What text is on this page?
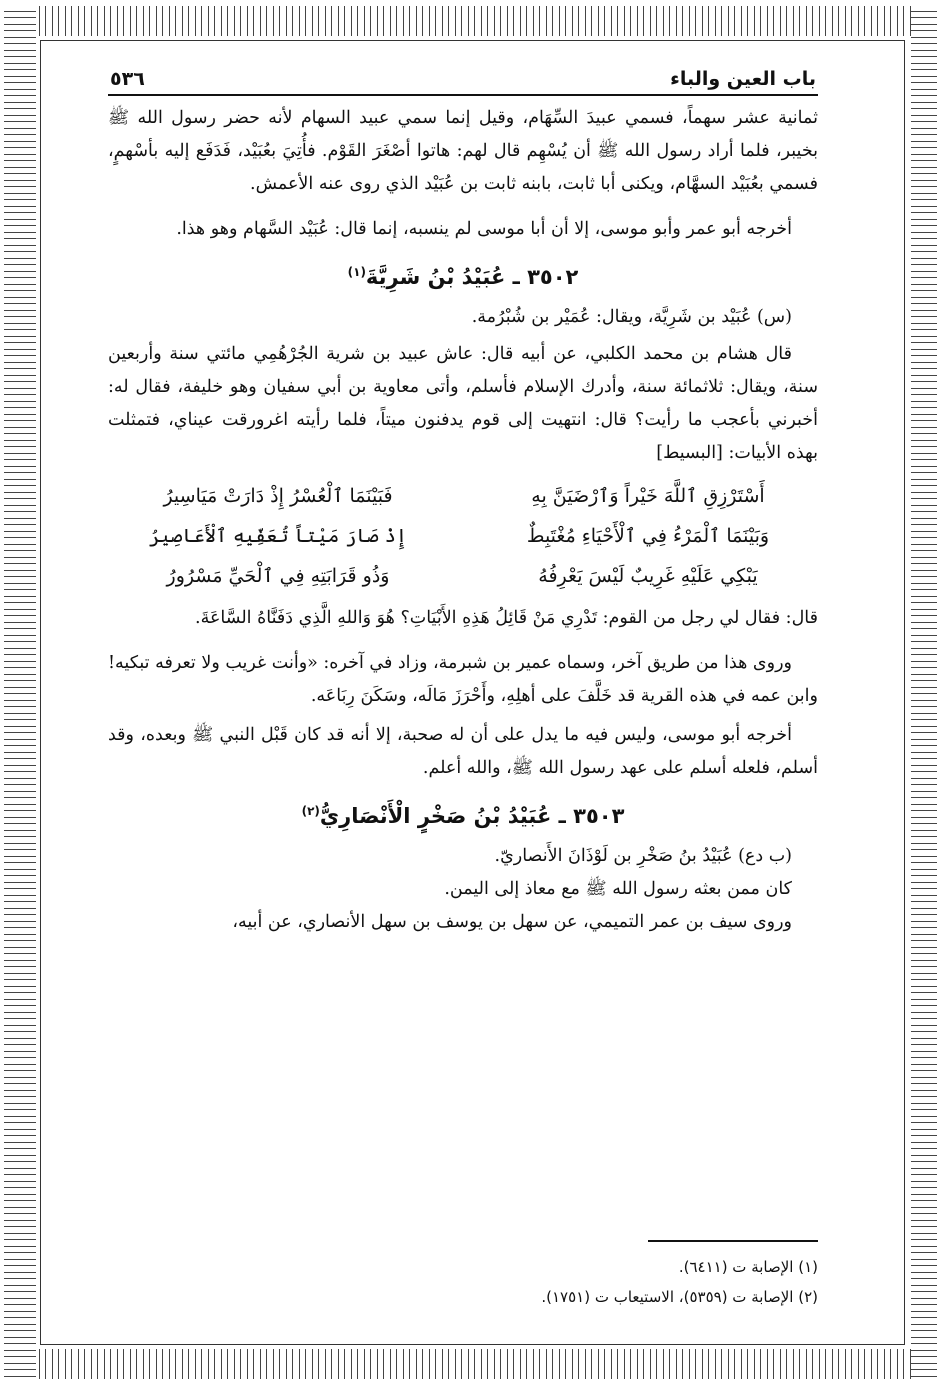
باب العين والباء
٥٣٦

ثمانية عشر سهماً، فسمي عبيدَ السِّهَام، وقيل إنما سمي عبيد السهام لأنه حضر رسول الله ﷺ بخيبر، فلما أراد رسول الله ﷺ أن يُسْهِم قال لهم: هاتوا أصْغَرَ القَوْم. فأُتِيَ بعُبَيْد، فَدَفَع إليه بأسْهمٍ، فسمي بعُبَيْد السهَّام، ويكنى أبا ثابت، بابنه ثابت بن عُبَيْد الذي روى عنه الأعمش.

أخرجه أبو عمر وأبو موسى، إلا أن أبا موسى لم ينسبه، إنما قال: عُبَيْد السَّهام وهو هذا.

٣٥٠٢ ـ عُبَيْدُ بْنُ شَرِيَّةَ$^{(١)}$

(س) عُبَيْد بن شَرِيَّة، ويقال: عُمَيْر بن شُبْرُمة.

قال هشام بن محمد الكلبي، عن أبيه قال: عاش عبيد بن شرية الجُرْهُمِي مائتي سنة وأربعين سنة، ويقال: ثلاثمائة سنة، وأدرك الإسلام فأسلم، وأتى معاوية بن أبي سفيان وهو خليفة، فقال له: أخبرني بأعجب ما رأيت؟ قال: انتهيت إلى قوم يدفنون ميتاً، فلما رأيته اغرورقت عيناي، فتمثلت بهذه الأبيات: [البسيط]

أَسْتَرْزِقِ ٱللَّهَ خَيْراً وَٱرْضَيَنَّ بِهِ
فَبَيْنَمَا ٱلْعُسْرُ إِذْ دَارَتْ مَيَاسِيرُ
وَبَيْنَمَا ٱلْمَرْءُ فِي ٱلْأَحْيَاءِ مُغْتَبِطٌ
إِذْ صَارَ مَيْتاً تُعَفِّيهِ ٱلْأَعَاصِيرُ
يَبْكِي عَلَيْهِ غَرِيبٌ لَيْسَ يَعْرِفُهُ
وَذُو قَرَابَتِهِ فِي ٱلْحَيِّ مَسْرُورُ

قال: فقال لي رجل من القوم: تَدْرِي مَنْ قَائِلُ هَذِهِ الأَبْيَاتِ؟ هُوَ وَاللهِ الَّذِي دَفَنَّاهُ السَّاعَةَ.

وروى هذا من طريق آخر، وسماه عمير بن شبرمة، وزاد في آخره: «وأنت غريب ولا تعرفه تبكيه! وابن عمه في هذه القرية قد خَلَّفَ على أهلِهِ، وأَحْرَزَ مَالَه، وسَكَنَ رِبَاعَه.

أخرجه أبو موسى، وليس فيه ما يدل على أن له صحبة، إلا أنه قد كان قَبْل النبي ﷺ وبعده، وقد أسلم، فلعله أسلم على عهد رسول الله ﷺ، والله أعلم.

٣٥٠٣ ـ عُبَيْدُ بْنُ صَخْرٍ الْأَنْصَارِيُّ$^{(٢)}$

(ب دع) عُبَيْدُ بنُ صَخْرِ بن لَوْذَانَ الأَنصاريّ.

كان ممن بعثه رسول الله ﷺ مع معاذ إلى اليمن.

وروى سيف بن عمر التميمي، عن سهل بن يوسف بن سهل الأنصاري، عن أبيه،

(١) الإصابة ت (٦٤١١).

(٢) الإصابة ت (٥٣٥٩)، الاستيعاب ت (١٧٥١).
